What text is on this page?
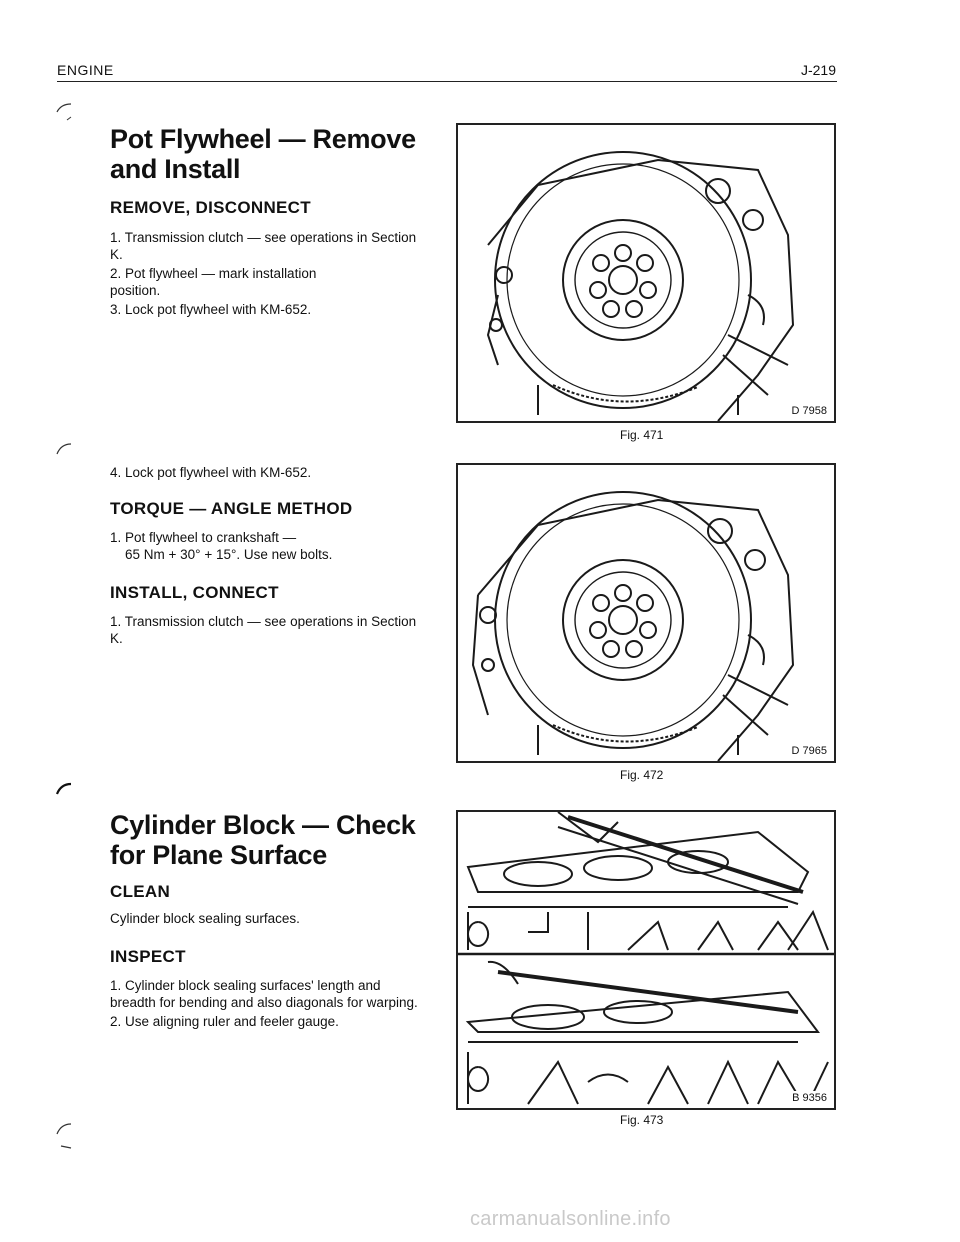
ENGINE	J-219
Pot Flywheel — Remove
and Install
REMOVE, DISCONNECT
1. Transmission clutch — see operations in Section K.
2. Pot flywheel — mark installation position.
3. Lock pot flywheel with KM-652.

4. Lock pot flywheel with KM-652.

TORQUE — ANGLE METHOD

1. Pot flywheel to crankshaft —

65 Nm + 30° + 15°. Use new bolts.

INSTALL, CONNECT
1. Transmission clutch — see operations in Section K.
Cylinder Block — Check
for Plane Surface
CLEAN

Cylinder block sealing surfaces.

INSPECT
1. Cylinder block sealing surfaces' length and breadth for bending and also diagonals for warping.
2. Use aligning ruler and feeler gauge.
D 7958
Fig. 471
D 7965
Fig. 472
B 9356
Fig. 473
carmanualsonline.info
